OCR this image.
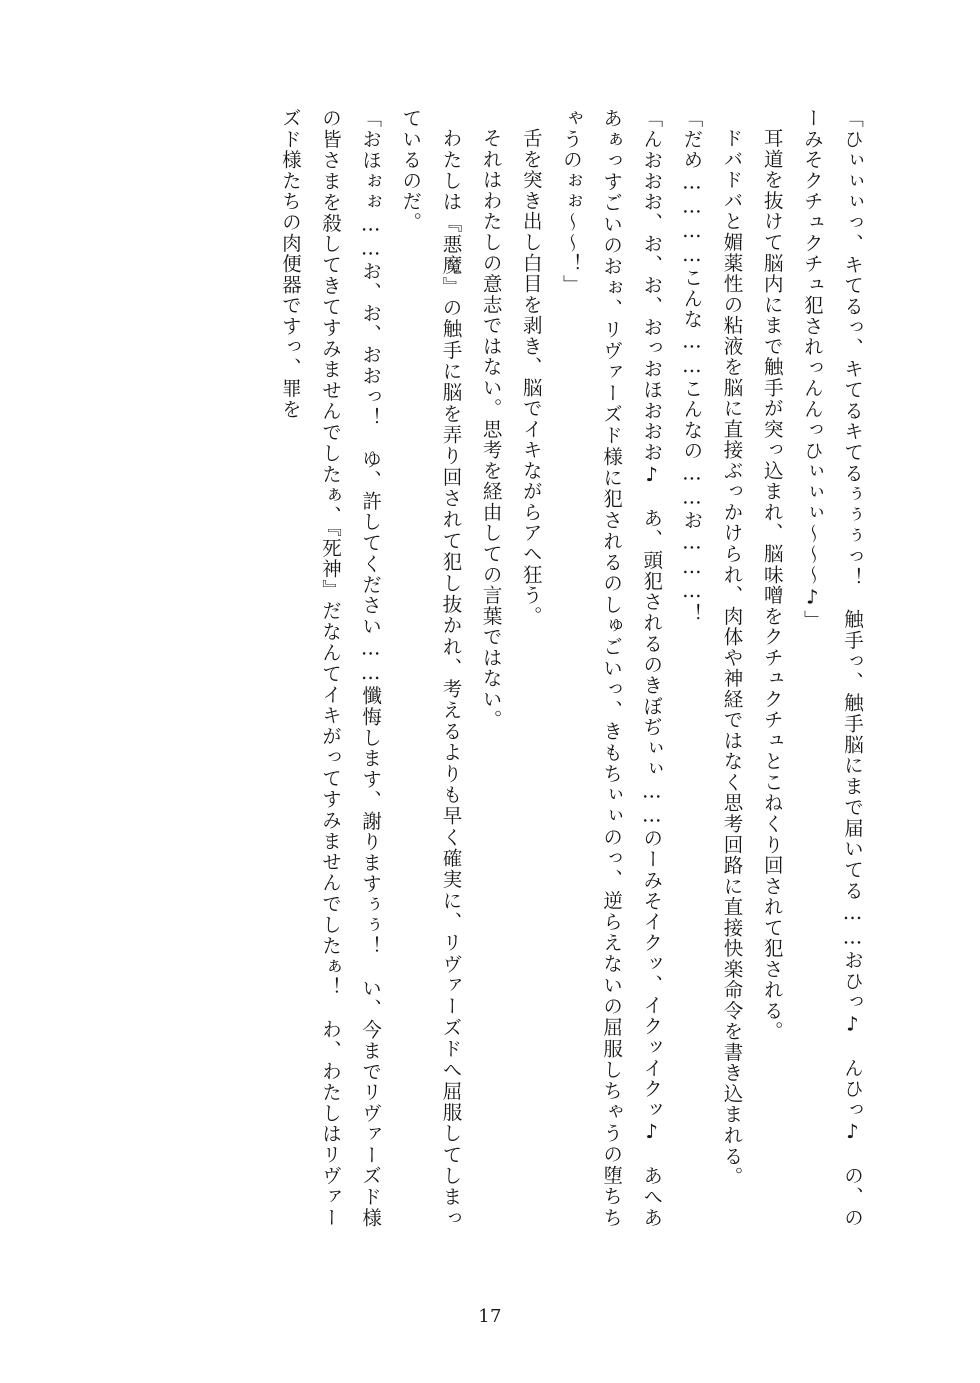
「ひぃぃぃっ、キてるっ、キてるキてるぅぅぅっ！　触手っ、触手脳にまで届いてる……おひっ♪　んひっ♪　の、のーみそクチュクチュ犯されっんんっひぃぃぃ～～～♪」

耳道を抜けて脳内にまで触手が突っ込まれ、脳味噌をクチュクチュとこねくり回されて犯される。

ドバドバと媚薬性の粘液を脳に直接ぶっかけられ、肉体や神経ではなく思考回路に直接快楽命令を書き込まれる。

「だめ…………こんな……こんなの……お………！

「んおおお、お、お、おっおほおおお♪　あ、頭犯されるのきぼぢぃぃ……のーみそイクッ、イクッイクッ♪　あへああぁっすごいのおぉ、リヴァーズド様に犯されるのしゅごいっ、きもちぃぃのっ、逆らえないの屈服しちゃうの堕ちちゃうのぉぉ～～！」

舌を突き出し白目を剥き、脳でイキながらアヘ狂う。

それはわたしの意志ではない。思考を経由しての言葉ではない。

わたしは『悪魔』の触手に脳を弄り回されて犯し抜かれ、考えるよりも早く確実に、リヴァーズドへ屈服してしまっているのだ。

「おほぉぉ……お、お、おおっ！　ゆ、許してください……懺悔します、謝りますぅぅ！　い、今までリヴァーズド様の皆さまを殺してきてすみませんでしたぁ、『死神』だなんてイキがってすみませんでしたぁ！　わ、わたしはリヴァーズド様たちの肉便器ですっ、罪を

17
